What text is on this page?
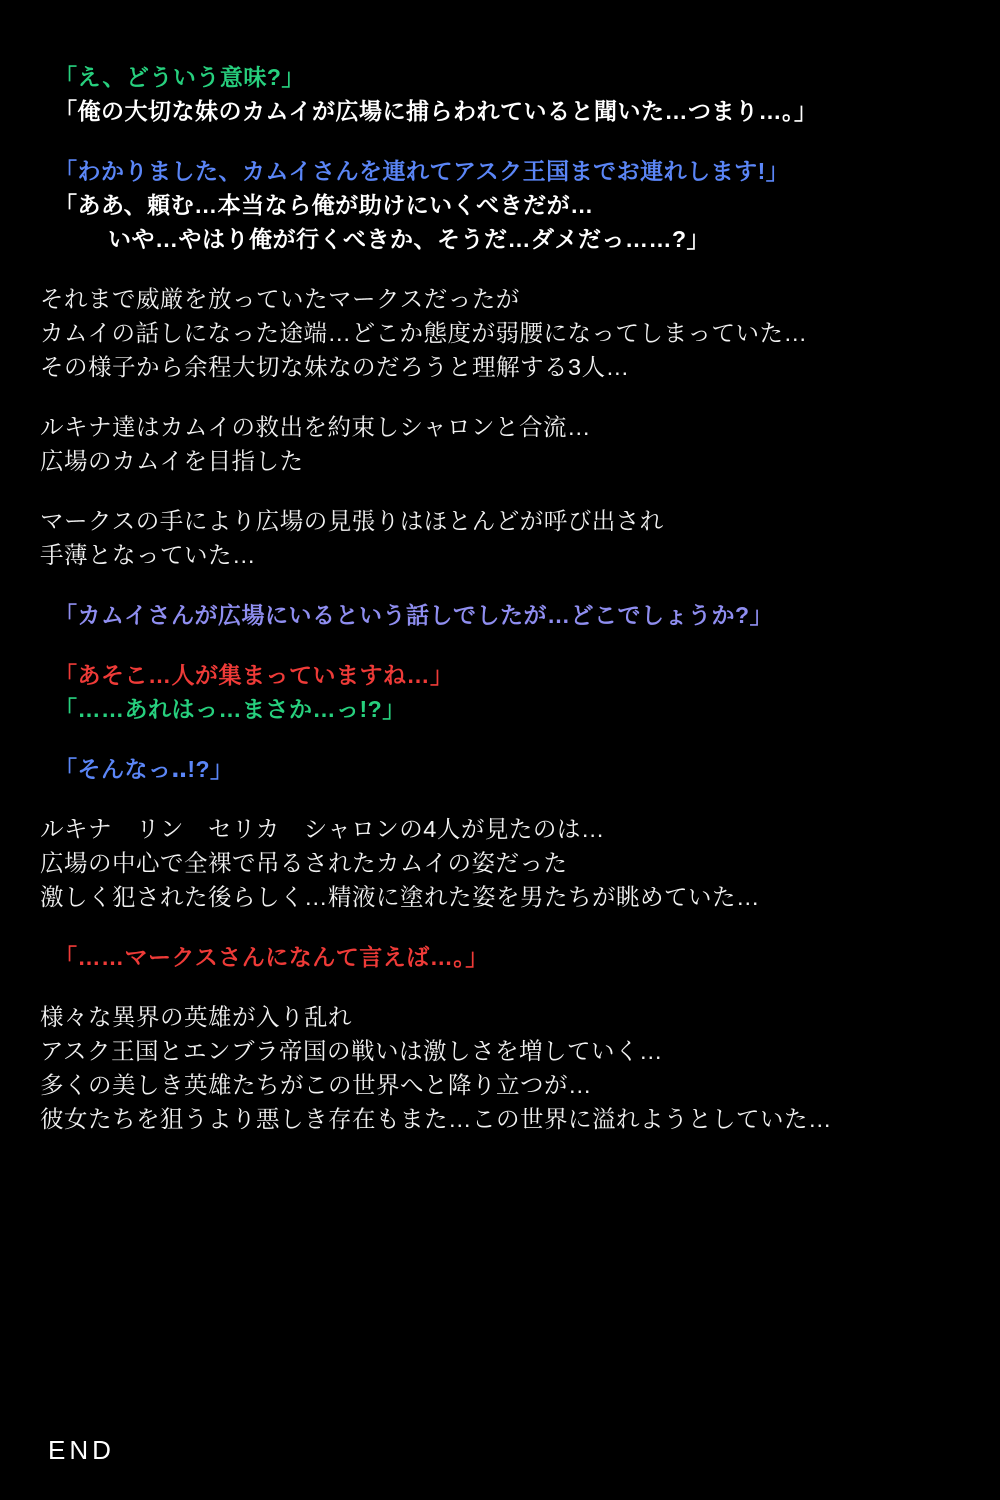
「え、どういう意味?」
「俺の大切な妹のカムイが広場に捕らわれていると聞いた…つまり…。」
「わかりました、カムイさんを連れてアスク王国までお連れします!」
「ああ、頼む…本当なら俺が助けにいくべきだが…
いや…やはり俺が行くべきか、そうだ…ダメだっ……?」
それまで威厳を放っていたマークスだったが
カムイの話しになった途端…どこか態度が弱腰になってしまっていた…
その様子から余程大切な妹なのだろうと理解する3人…
ルキナ達はカムイの救出を約束しシャロンと合流…
広場のカムイを目指した
マークスの手により広場の見張りはほとんどが呼び出され
手薄となっていた…
「カムイさんが広場にいるという話しでしたが…どこでしょうか?」
「あそこ…人が集まっていますね…」
「……あれはっ…まさか…っ!?」
「そんなっ‥!?」
ルキナ　リン　セリカ　シャロンの4人が見たのは…
広場の中心で全裸で吊るされたカムイの姿だった
激しく犯された後らしく…精液に塗れた姿を男たちが眺めていた…
「……マークスさんになんて言えば…。」
様々な異界の英雄が入り乱れ
アスク王国とエンブラ帝国の戦いは激しさを増していく…
多くの美しき英雄たちがこの世界へと降り立つが…
彼女たちを狙うより悪しき存在もまた…この世界に溢れようとしていた…
END
